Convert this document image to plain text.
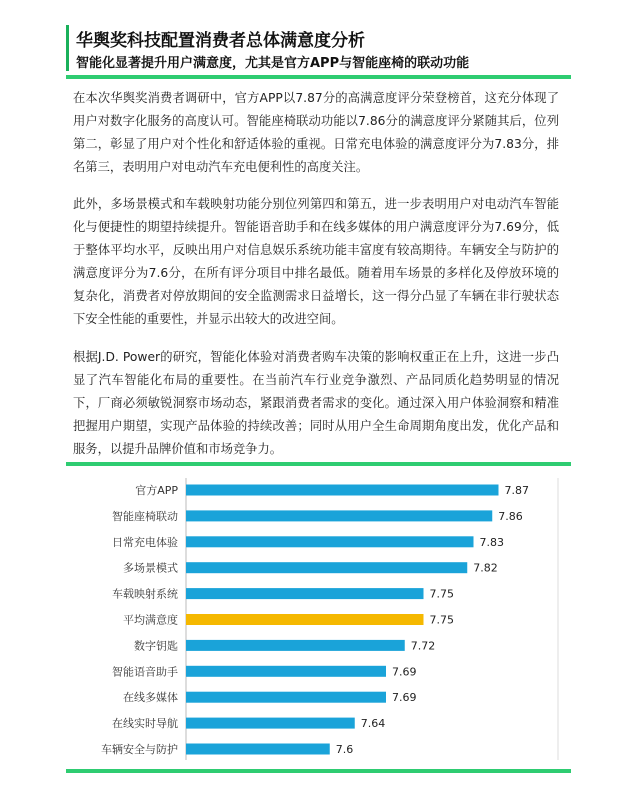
华舆奖科技配置消费者总体满意度分析
智能化显著提升用户满意度，尤其是官方APP与智能座椅的联动功能

在本次华舆奖消费者调研中，官方APP以7.87分的高满意度评分荣登榜首，这充分体现了用户对数字化服务的高度认可。智能座椅联动功能以7.86分的满意度评分紧随其后，位列第二，彰显了用户对个性化和舒适体验的重视。日常充电体验的满意度评分为7.83分，排名第三，表明用户对电动汽车充电便利性的高度关注。

此外，多场景模式和车载映射功能分别位列第四和第五，进一步表明用户对电动汽车智能化与便捷性的期望持续提升。智能语音助手和在线多媒体的用户满意度评分为7.69分，低于整体平均水平，反映出用户对信息娱乐系统功能丰富度有较高期待。车辆安全与防护的满意度评分为7.6分，在所有评分项目中排名最低。随着用车场景的多样化及停放环境的复杂化，消费者对停放期间的安全监测需求日益增长，这一得分凸显了车辆在非行驶状态下安全性能的重要性，并显示出较大的改进空间。

根据J.D. Power的研究，智能化体验对消费者购车决策的影响权重正在上升，这进一步凸显了汽车智能化布局的重要性。在当前汽车行业竞争激烈、产品同质化趋势明显的情况下，厂商必须敏锐洞察市场动态，紧跟消费者需求的变化。通过深入用户体验洞察和精准把握用户期望，实现产品体验的持续改善；同时从用户全生命周期角度出发，优化产品和服务，以提升品牌价值和市场竞争力。

官方APP	7.87
智能座椅联动	7.86
日常充电体验	7.83
多场景模式	7.82
车载映射系统	7.75
平均满意度	7.75
数字钥匙	7.72
智能语音助手	7.69
在线多媒体	7.69
在线实时导航	7.64
车辆安全与防护	7.6
